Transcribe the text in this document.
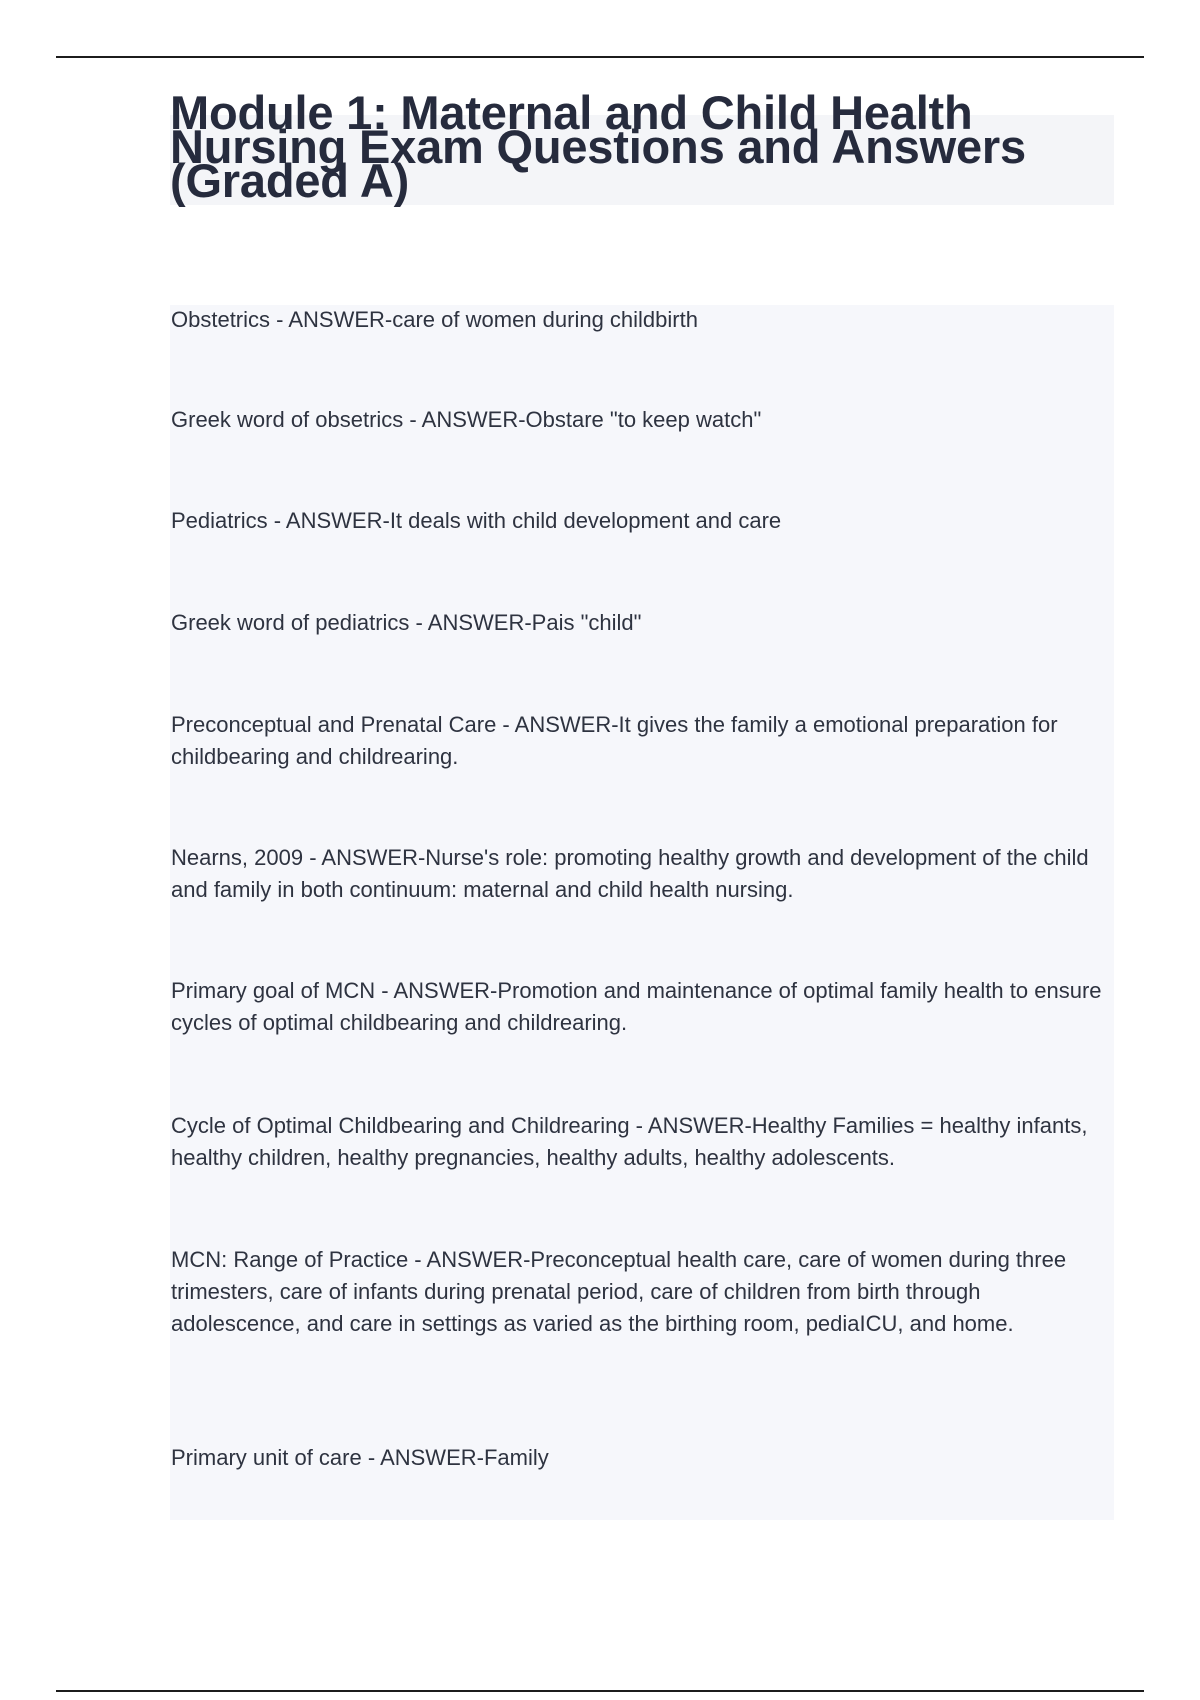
Module 1: Maternal and Child Health Nursing Exam Questions and Answers (Graded A)
Obstetrics - ANSWER-care of women during childbirth
Greek word of obsetrics - ANSWER-Obstare "to keep watch"
Pediatrics - ANSWER-It deals with child development and care
Greek word of pediatrics - ANSWER-Pais "child"
Preconceptual and Prenatal Care - ANSWER-It gives the family a emotional preparation for childbearing and childrearing.
Nearns, 2009 - ANSWER-Nurse's role: promoting healthy growth and development of the child and family in both continuum: maternal and child health nursing.
Primary goal of MCN - ANSWER-Promotion and maintenance of optimal family health to ensure cycles of optimal childbearing and childrearing.
Cycle of Optimal Childbearing and Childrearing - ANSWER-Healthy Families = healthy infants, healthy children, healthy pregnancies, healthy adults, healthy adolescents.
MCN: Range of Practice - ANSWER-Preconceptual health care, care of women during three trimesters, care of infants during prenatal period, care of children from birth through adolescence, and care in settings as varied as the birthing room, pediaICU, and home.
Primary unit of care - ANSWER-Family
